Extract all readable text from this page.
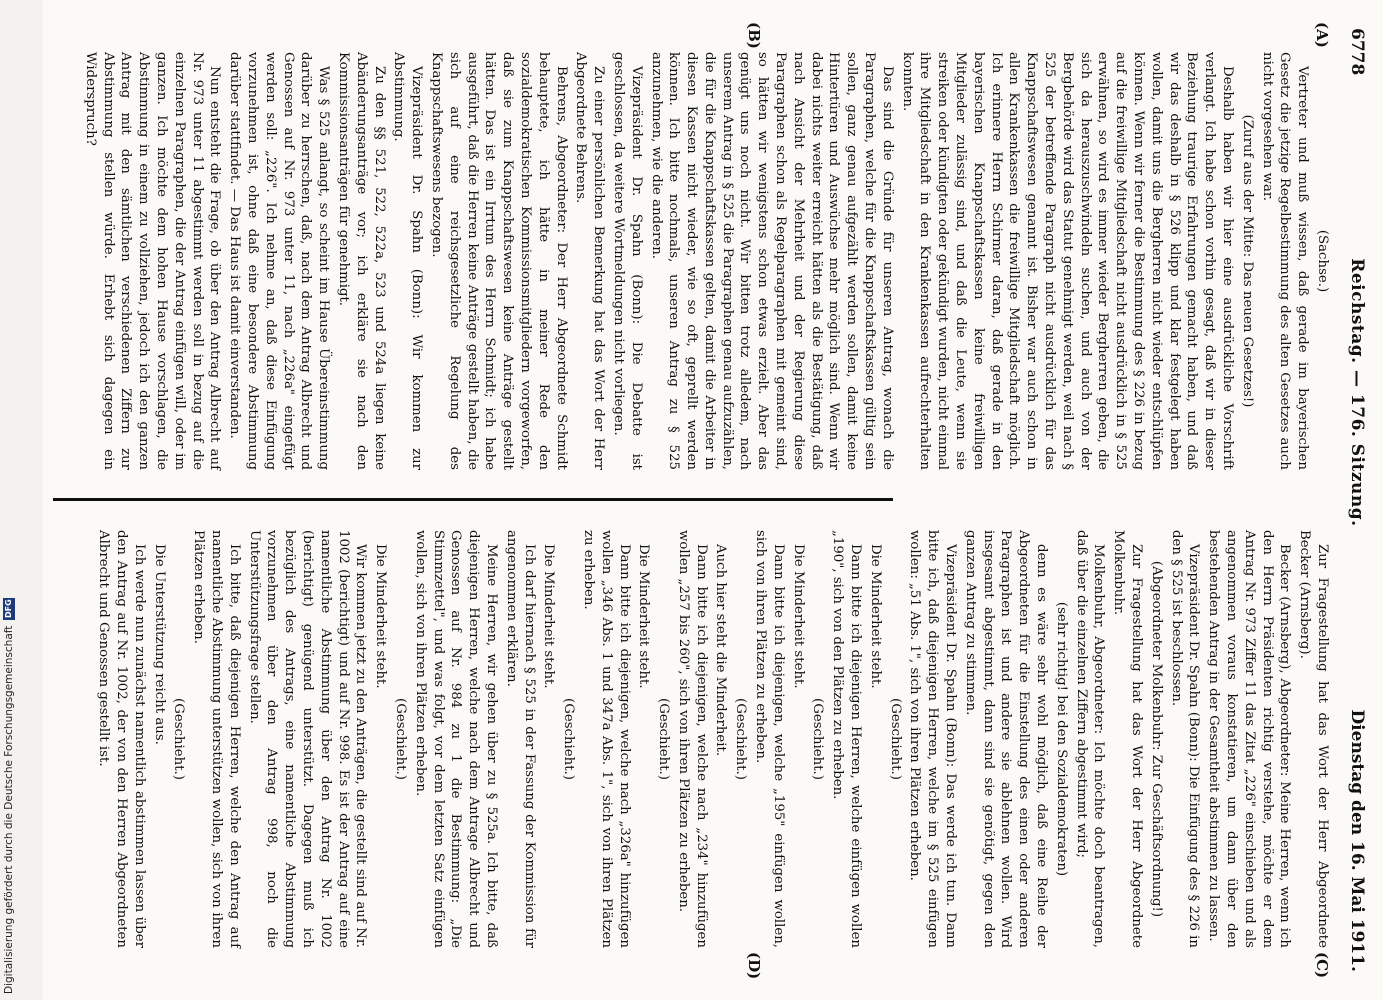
6778
Reichstag. — 176. Sitzung.
Dienstag den 16. Mai 1911.
(A)
(B)
(C)
(D)

(Sachse.)

Vertreter und muß wissen, daß gerade im bayerischen Gesetz die jetzige Regelbestimmung des alten Gesetzes auch nicht vorgesehen war.

(Zuruf aus der Mitte: Das neuen Gesetzes!)

Deshalb haben wir hier eine ausdrückliche Vorschrift verlangt. Ich habe schon vorhin gesagt, daß wir in dieser Beziehung traurige Erfahrungen gemacht haben, und daß wir das deshalb in § 526 klipp und klar festgelegt haben wollen, damit uns die Bergherren nicht wieder entschlüpfen können. Wenn wir ferner die Bestimmung des § 226 in bezug auf die freiwillige Mitgliedschaft nicht ausdrücklich in § 525 erwähnen, so wird es immer wieder Bergherren geben, die sich da herauszuschwindeln suchen, und auch von der Bergbehörde wird das Statut genehmigt werden, weil nach § 525 der betreffende Paragraph nicht ausdrücklich für das Knappschaftswesen genannt ist. Bisher war auch schon in allen Krankenkassen die freiwillige Mitgliedschaft möglich. Ich erinnere Herrn Schirmer daran, daß gerade in den bayerischen Knappschaftskassen keine freiwilligen Mitglieder zulässig sind, und daß die Leute, wenn sie streiken oder kündigten oder gekündigt wurden, nicht einmal ihre Mitgliedschaft in den Krankenkassen aufrechterhalten konnten.

Das sind die Gründe für unseren Antrag, wonach die Paragraphen, welche für die Knappschaftskassen gültig sein sollen, ganz genau aufgezählt werden sollen, damit keine Hintertüren und Auswüchse mehr möglich sind. Wenn wir dabei nichts weiter erreicht hätten als die Bestätigung, daß nach Ansicht der Mehrheit und der Regierung diese Paragraphen schon als Regelparagraphen mit gemeint sind, so hätten wir wenigstens schon etwas erzielt. Aber das genügt uns noch nicht. Wir bitten trotz alledem, nach unserem Antrag in § 525 die Paragraphen genau aufzuzählen, die für die Knappschaftskassen gelten, damit die Arbeiter in diesen Kassen nicht wieder, wie so oft, geprellt werden können. Ich bitte nochmals, unseren Antrag zu § 525 anzunehmen, wie die anderen.

Vizepräsident Dr. Spahn (Bonn): Die Debatte ist geschlossen, da weitere Wortmeldungen nicht vorliegen.

Zu einer persönlichen Bemerkung hat das Wort der Herr Abgeordnete Behrens.

Behrens, Abgeordneter: Der Herr Abgeordnete Schmidt behauptete, ich hätte in meiner Rede den sozialdemokratischen Kommissionsmitgliedern vorgeworfen, daß sie zum Knappschaftswesen keine Anträge gestellt hätten. Das ist ein Irrtum des Herrn Schmidt; ich habe ausgeführt, daß die Herren keine Anträge gestellt haben, die sich auf eine reichsgesetzliche Regelung des Knappschaftswesens bezogen.

Vizepräsident Dr. Spahn (Bonn): Wir kommen zur Abstimmung.

Zu den §§ 521, 522, 522a, 523 und 524a liegen keine Abänderungsanträge vor; ich erkläre sie nach den Kommissionsanträgen für genehmigt.

Was § 525 anlangt, so scheint im Hause Übereinstimmung darüber zu herrschen, daß, nach dem Antrag Albrecht und Genossen auf Nr. 973 unter 11, nach „226a" eingefügt werden soll: „226". Ich nehme an, daß diese Einfügung vorzunehmen ist, ohne daß eine besondere Abstimmung darüber stattfindet. — Das Haus ist damit einverstanden.

Nun entsteht die Frage, ob über den Antrag Albrecht auf Nr. 973 unter 11 abgestimmt werden soll in bezug auf die einzelnen Paragraphen, die der Antrag einfügen will, oder im ganzen. Ich möchte dem hohen Hause vorschlagen, die Abstimmung in einem zu vollziehen, jedoch ich den ganzen Antrag mit den sämtlichen verschiedenen Ziffern zur Abstimmung stellen würde. Erhebt sich dagegen ein Widerspruch?

Zur Fragestellung hat das Wort der Herr Abgeordnete Becker (Arnsberg).

Becker (Arnsberg), Abgeordneter: Meine Herren, wenn ich den Herrn Präsidenten richtig verstehe, möchte er dem Antrag Nr. 973 Ziffer 11 das Zitat „226" einschieben und als angenommen voraus konstatieren, um dann über den bestehenden Antrag in der Gesamtheit abstimmen zu lassen.

Vizepräsident Dr. Spahn (Bonn): Die Einfügung des § 226 in den § 525 ist beschlossen.

(Abgeordneter Molkenbuhr: Zur Geschäftsordnung!)

Zur Fragestellung hat das Wort der Herr Abgeordnete Molkenbuhr.

Molkenbuhr, Abgeordneter: Ich möchte doch beantragen, daß über die einzelnen Ziffern abgestimmt wird;

(sehr richtig! bei den Sozialdemokraten)

denn es wäre sehr wohl möglich, daß eine Reihe der Abgeordneten für die Einstellung des einen oder anderen Paragraphen ist und andere sie ablehnen wollen. Wird insgesamt abgestimmt, dann sind sie genötigt, gegen den ganzen Antrag zu stimmen.

Vizepräsident Dr. Spahn (Bonn): Das werde ich tun. Dann bitte ich, daß diejenigen Herren, welche im § 525 einfügen wollen: „51 Abs. 1", sich von ihren Plätzen erheben.

(Geschieht.)

Die Minderheit steht.

Dann bitte ich diejenigen Herren, welche einfügen wollen „190", sich von den Plätzen zu erheben.

(Geschieht.)

Die Minderheit steht.

Dann bitte ich diejenigen, welche „195" einfügen wollen, sich von ihren Plätzen zu erheben.

(Geschieht.)

Auch hier steht die Minderheit.

Dann bitte ich diejenigen, welche nach „234" hinzufügen wollen „257 bis 260", sich von ihren Plätzen zu erheben.

(Geschieht.)

Die Minderheit steht.

Dann bitte ich diejenigen, welche nach „326a" hinzufügen wollen „346 Abs. 1 und 347a Abs. 1", sich von ihren Plätzen zu erheben.

(Geschieht.)

Die Minderheit steht.

Ich darf hiernach § 525 in der Fassung der Kommission für angenommen erklären.

Meine Herren, wir gehen über zu § 525a. Ich bitte, daß diejenigen Herren, welche nach dem Antrage Albrecht und Genossen auf Nr. 984 zu 1 die Bestimmung: „Die Stimmzettel", und was folgt, vor dem letzten Satz einfügen wollen, sich von ihren Plätzen erheben.

(Geschieht.)

Die Minderheit steht.

Wir kommen jetzt zu den Anträgen, die gestellt sind auf Nr. 1002 (berichtigt) und auf Nr. 998. Es ist der Antrag auf eine namentliche Abstimmung über den Antrag Nr. 1002 (berichtigt) genügend unterstützt. Dagegen muß ich bezüglich des Antrags, eine namentliche Abstimmung vorzunehmen über den Antrag 998, noch die Unterstützungsfrage stellen.

Ich bitte, daß diejenigen Herren, welche den Antrag auf namentliche Abstimmung unterstützen wollen, sich von ihren Plätzen erheben.

(Geschieht.)

Die Unterstützung reicht aus.

Ich werde nun zunächst namentlich abstimmen lassen über den Antrag auf Nr. 1002, der von den Herren Abgeordneten Albrecht und Genossen gestellt ist.

Digitalisierung gefördert durch die Deutsche Forschungsgemeinschaft
DFG
